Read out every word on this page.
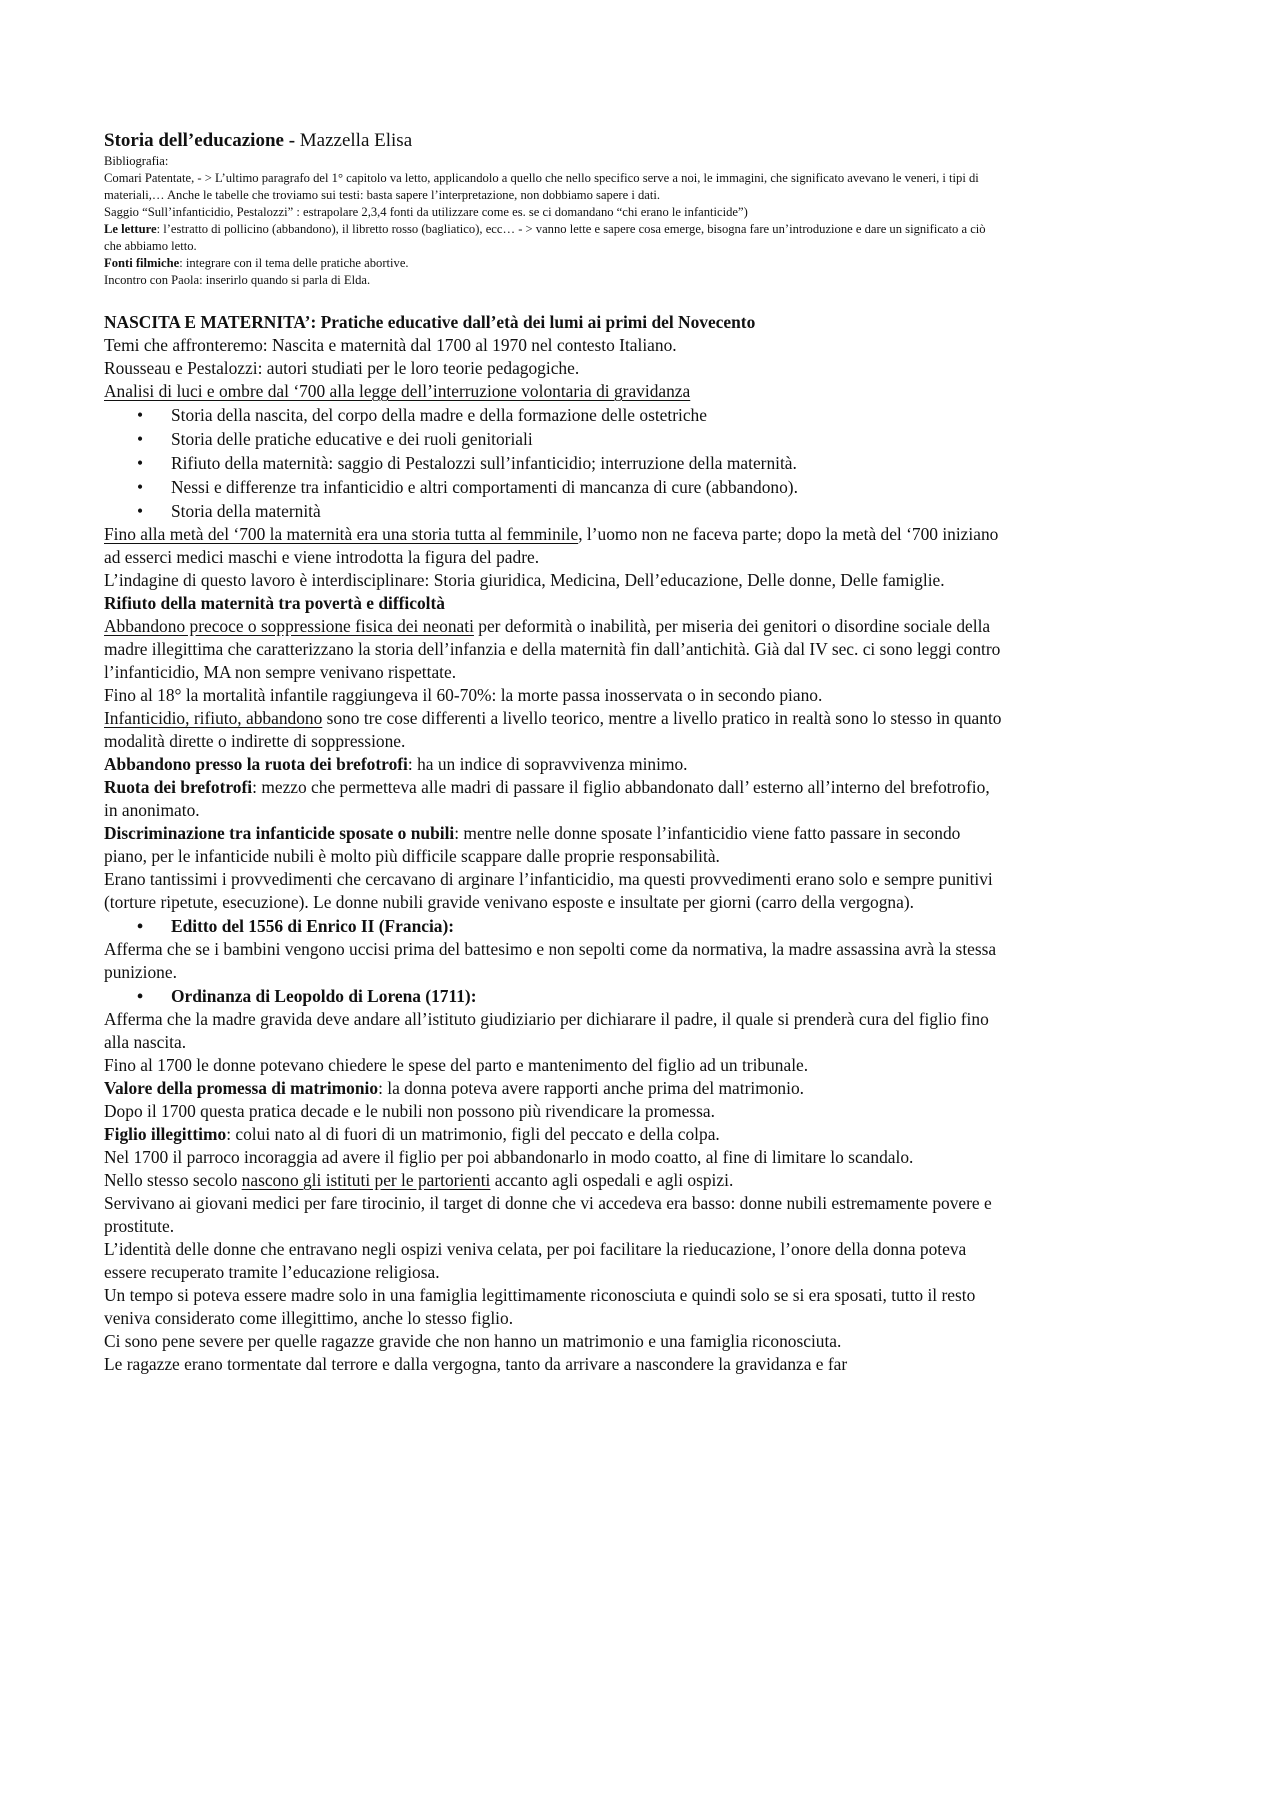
Storia dell’educazione - Mazzella Elisa

Bibliografia:

Comari Patentate, - > L’ultimo paragrafo del 1° capitolo va letto, applicandolo a quello che nello specifico serve a noi, le immagini, che significato avevano le veneri, i tipi di materiali,… Anche le tabelle che troviamo sui testi: basta sapere l’interpretazione, non dobbiamo sapere i dati.

Saggio “Sull’infanticidio, Pestalozzi” : estrapolare 2,3,4 fonti da utilizzare come es. se ci domandano “chi erano le infanticide”)

Le letture: l’estratto di pollicino (abbandono), il libretto rosso (bagliatico), ecc… - > vanno lette e sapere cosa emerge, bisogna fare un’introduzione e dare un significato a ciò che abbiamo letto.

Fonti filmiche: integrare con il tema delle pratiche abortive.

Incontro con Paola: inserirlo quando si parla di Elda.

NASCITA E MATERNITA’: Pratiche educative dall’età dei lumi ai primi del Novecento

Temi che affronteremo: Nascita e maternità dal 1700 al 1970 nel contesto Italiano.

Rousseau e Pestalozzi: autori studiati per le loro teorie pedagogiche.

Analisi di luci e ombre dal ‘700 alla legge dell’interruzione volontaria di gravidanza

• Storia della nascita, del corpo della madre e della formazione delle ostetriche
• Storia delle pratiche educative e dei ruoli genitoriali
• Rifiuto della maternità: saggio di Pestalozzi sull’infanticidio; interruzione della maternità.
• Nessi e differenze tra infanticidio e altri comportamenti di mancanza di cure (abbandono).
• Storia della maternità

Fino alla metà del ‘700 la maternità era una storia tutta al femminile, l’uomo non ne faceva parte; dopo la metà del ‘700 iniziano ad esserci medici maschi e viene introdotta la figura del padre.

L’indagine di questo lavoro è interdisciplinare: Storia giuridica, Medicina, Dell’educazione, Delle donne, Delle famiglie.

Rifiuto della maternità tra povertà e difficoltà

Abbandono precoce o soppressione fisica dei neonati per deformità o inabilità, per miseria dei genitori o disordine sociale della madre illegittima che caratterizzano la storia dell’infanzia e della maternità fin dall’antichità. Già dal IV sec. ci sono leggi contro l’infanticidio, MA non sempre venivano rispettate.

Fino al 18° la mortalità infantile raggiungeva il 60-70%: la morte passa inosservata o in secondo piano.

Infanticidio, rifiuto, abbandono sono tre cose differenti a livello teorico, mentre a livello pratico in realtà sono lo stesso in quanto modalità dirette o indirette di soppressione.

Abbandono presso la ruota dei brefotrofi: ha un indice di sopravvivenza minimo.

Ruota dei brefotrofi: mezzo che permetteva alle madri di passare il figlio abbandonato dall’ esterno all’interno del brefotrofio, in anonimato.

Discriminazione tra infanticide sposate o nubili: mentre nelle donne sposate l’infanticidio viene fatto passare in secondo piano, per le infanticide nubili è molto più difficile scappare dalle proprie responsabilità.

Erano tantissimi i provvedimenti che cercavano di arginare l’infanticidio, ma questi provvedimenti erano solo e sempre punitivi (torture ripetute, esecuzione). Le donne nubili gravide venivano esposte e insultate per giorni (carro della vergogna).

• Editto del 1556 di Enrico II (Francia):

Afferma che se i bambini vengono uccisi prima del battesimo e non sepolti come da normativa, la madre assassina avrà la stessa punizione.

• Ordinanza di Leopoldo di Lorena (1711):

Afferma che la madre gravida deve andare all’istituto giudiziario per dichiarare il padre, il quale si prenderà cura del figlio fino alla nascita.

Fino al 1700 le donne potevano chiedere le spese del parto e mantenimento del figlio ad un tribunale.

Valore della promessa di matrimonio: la donna poteva avere rapporti anche prima del matrimonio.

Dopo il 1700 questa pratica decade e le nubili non possono più rivendicare la promessa.

Figlio illegittimo: colui nato al di fuori di un matrimonio, figli del peccato e della colpa.

Nel 1700 il parroco incoraggia ad avere il figlio per poi abbandonarlo in modo coatto, al fine di limitare lo scandalo.

Nello stesso secolo nascono gli istituti per le partorienti accanto agli ospedali e agli ospizi.

Servivano ai giovani medici per fare tirocinio, il target di donne che vi accedeva era basso: donne nubili estremamente povere e prostitute.

L’identità delle donne che entravano negli ospizi veniva celata, per poi facilitare la rieducazione, l’onore della donna poteva essere recuperato tramite l’educazione religiosa.

Un tempo si poteva essere madre solo in una famiglia legittimamente riconosciuta e quindi solo se si era sposati, tutto il resto veniva considerato come illegittimo, anche lo stesso figlio.

Ci sono pene severe per quelle ragazze gravide che non hanno un matrimonio e una famiglia riconosciuta.

Le ragazze erano tormentate dal terrore e dalla vergogna, tanto da arrivare a nascondere la gravidanza e far
